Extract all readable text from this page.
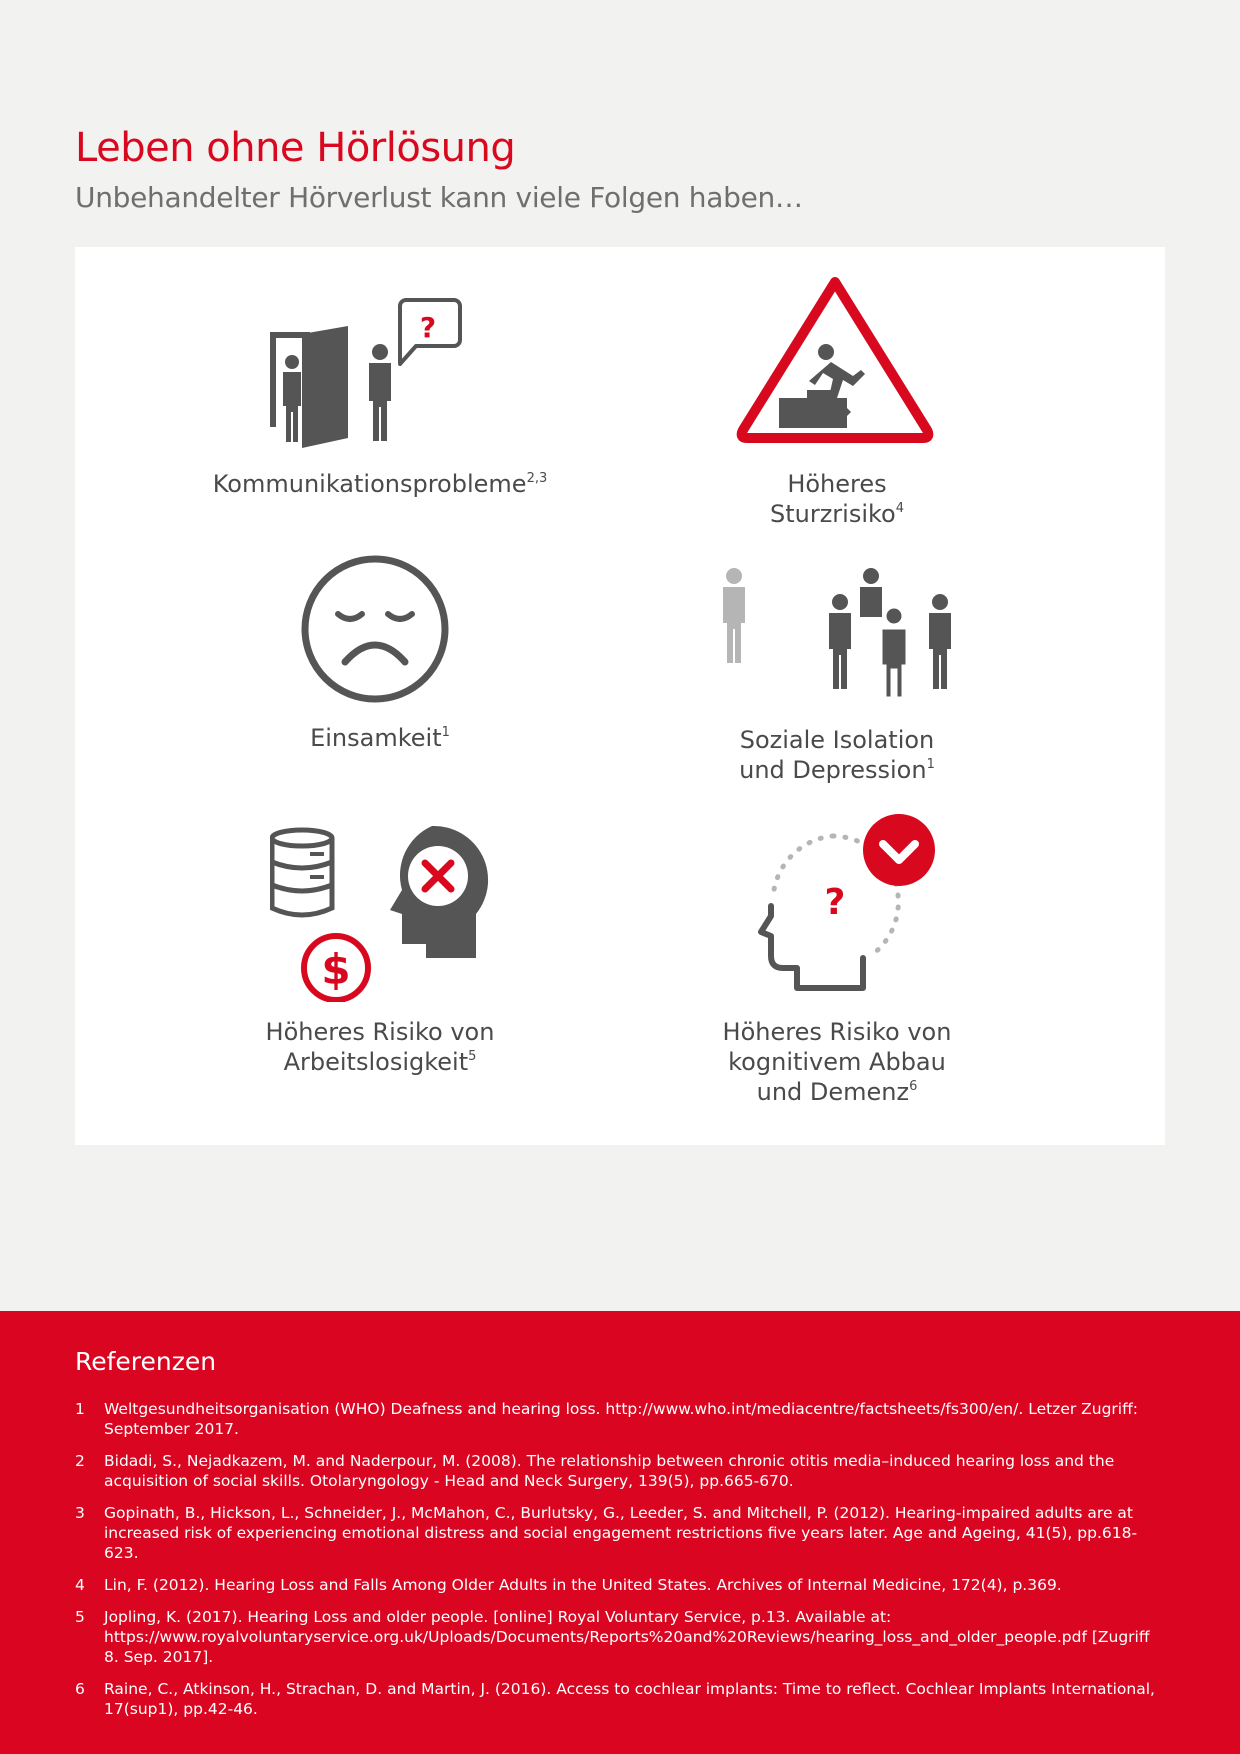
Leben ohne Hörlösung

Unbehandelter Hörverlust kann viele Folgen haben…

?
Kommunikationsprobleme$^{2,3}$	Höheres
Sturzrisiko$^4$
Einsamkeit$^1$	Soziale Isolation
und Depression$^1$
$
Höheres Risiko von
Arbeitslosigkeit$^5$
?
Höheres Risiko von
kognitivem Abbau
und Demenz$^6$
Referenzen
1	Weltgesundheitsorganisation (WHO) Deafness and hearing loss. http://www.who.int/mediacentre/factsheets/fs300/en/. Letzer Zugriff: September 2017.
2	Bidadi, S., Nejadkazem, M. and Naderpour, M. (2008). The relationship between chronic otitis media–induced hearing loss and the acquisition of social skills. Otolaryngology - Head and Neck Surgery, 139(5), pp.665-670.
3	Gopinath, B., Hickson, L., Schneider, J., McMahon, C., Burlutsky, G., Leeder, S. and Mitchell, P. (2012). Hearing-impaired adults are at increased risk of experiencing emotional distress and social engagement restrictions five years later. Age and Ageing, 41(5), pp.618-623.
4	Lin, F. (2012). Hearing Loss and Falls Among Older Adults in the United States. Archives of Internal Medicine, 172(4), p.369.
5	Jopling, K. (2017). Hearing Loss and older people. [online] Royal Voluntary Service, p.13. Available at: https://www.royalvoluntaryservice.org.uk/Uploads/Documents/Reports%20and%20Reviews/hearing_loss_and_older_people.pdf [Zugriff 8. Sep. 2017].
6	Raine, C., Atkinson, H., Strachan, D. and Martin, J. (2016). Access to cochlear implants: Time to reflect. Cochlear Implants International, 17(sup1), pp.42-46.
